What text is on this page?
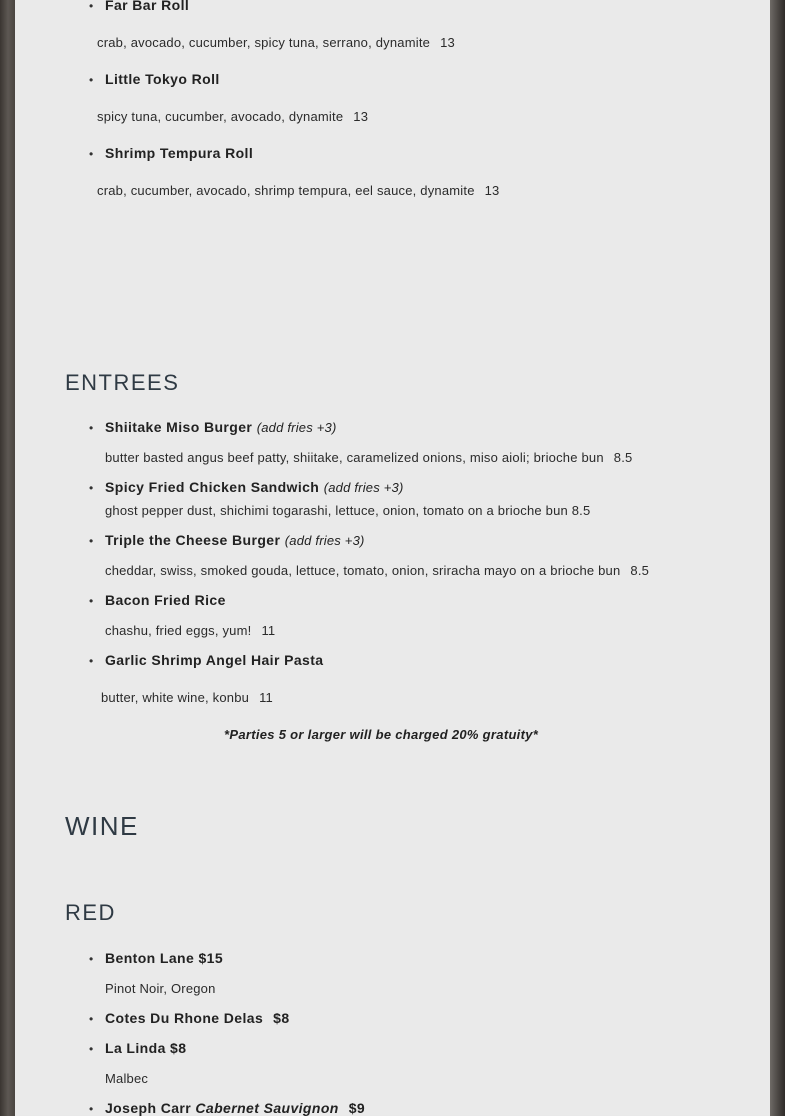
• Far Bar Roll
crab, avocado, cucumber, spicy tuna, serrano, dynamite 13
• Little Tokyo Roll
spicy tuna, cucumber, avocado, dynamite 13
• Shrimp Tempura Roll
crab, cucumber, avocado, shrimp tempura, eel sauce, dynamite 13
ENTREES
• Shiitake Miso Burger (add fries +3)
butter basted angus beef patty, shiitake, caramelized onions, miso aioli; brioche bun 8.5
• Spicy Fried Chicken Sandwich (add fries +3)
ghost pepper dust, shichimi togarashi, lettuce, onion, tomato on a brioche bun 8.5
• Triple the Cheese Burger (add fries +3)
cheddar, swiss, smoked gouda, lettuce, tomato, onion, sriracha mayo on a brioche bun 8.5
• Bacon Fried Rice
chashu, fried eggs, yum! 11
• Garlic Shrimp Angel Hair Pasta
butter, white wine, konbu 11
*Parties 5 or larger will be charged 20% gratuity*
WINE
RED
• Benton Lane $15
Pinot Noir, Oregon
• Cotes Du Rhone Delas $8
• La Linda $8
Malbec
• Joseph Carr Cabernet Sauvignon $9
